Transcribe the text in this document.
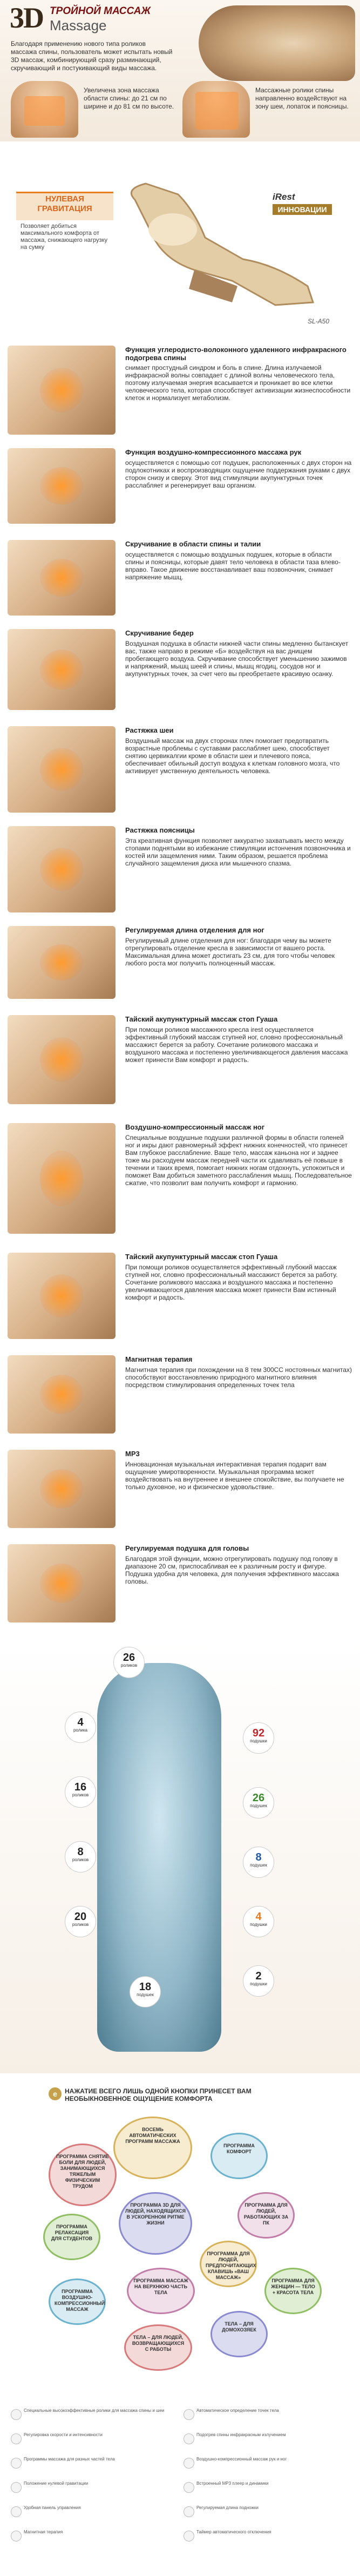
3D ТРОЙНОЙ МАССАЖ
Massage
Благодаря применению нового типа роликов массажа спины, пользователь может испытать новый 3D массаж, комбинирующий сразу разминающий, скручивающий и постукивающий виды массажа.
Увеличена зона массажа области спины: до 21 см по ширине и до 81 см по высоте.
Массажные ролики спины направленно воздействуют на зону шеи, лопаток и поясницы.
НУЛЕВАЯ ГРАВИТАЦИЯ
Позволяет добиться максимального комфорта от массажа, снижающего нагрузку на сумку
iRest
ИННОВАЦИИ
SL-A50
Функция углеродисто-волоконного удаленного инфракрасного подогрева спины
снимает простудный синдром и боль в спине. Длина излучаемой инфракрасной волны совпадает с длиной волны человеческого тела, поэтому излучаемая энергия всасывается и проникает во все клетки человеческого тела, которая способствует активизации жизнеспособности клеток и нормализует метаболизм.
Функция воздушно-компрессионного массажа рук
осуществляется с помощью сот подушек, расположенных с двух сторон на подлокотниках и воспроизводящих ощущение поддержания руками с двух сторон снизу и сверху. Этот вид стимуляции акупунктурных точек расслабляет и регенерирует ваш организм.
Скручивание в области спины и талии
осуществляется с помощью воздушных подушек, которые в области спины и поясницы, которые давят тело человека в области таза влево-вправо. Такое движение восстанавливает ваш позвоночник, снимает напряжение мышц.
Скручивание бедер
Воздушная подушка в области нижней части спины медленно бытанскует вас, также направо в режиме «Б» воздействуя на вас днищем пробегающего воздуха. Скручивание способствует уменьшению зажимов и напряжений, мышц шеей и спины, мышц ягодиц, сосудов ног и акупунктурных точек, за счет чего вы преобретаете красивую осанку.
Растяжка шеи
Воздушный массаж на двух сторонах плеч помогает предотвратить возрастные проблемы с суставами расслабляет шею, способствует снятию цервикалгии кроме в области шеи и плечевого пояса, обеспечивает обильный доступ воздуха к клеткам головного мозга, что активирует умственную деятельность человека.
Растяжка поясницы
Эта креативная функция позволяет аккуратно захватывать место между стопами поднятыми во избежание стимуляции истончения позвоночника и костей или защемления ними. Таким образом, решается проблема случайного защемления диска или мышечного спазма.
Регулируемая длина отделения для ног
Регулируемый длине отделения для ног: благодаря чему вы можете отрегулировать отделение кресла в зависимости от вашего роста. Максимальная длина может достигать 23 см, для того чтобы человек любого роста мог получить полноценный массаж.
Тайский акупунктурный массаж стоп Гуаша
При помощи роликов массажного кресла irest осуществляется эффективный глубокий массаж ступней ног, словно профессиональный массажист берется за работу. Сочетание роликового массажа и воздушного массажа и постепенно увеличивающегося давления массажа может принести Вам комфорт и радость.
Воздушно-компрессионный массаж ног
Специальные воздушные подушки различной формы в области голеней ног и икры дают равномерный эффект нижних конечностей, что принесет Вам глубокое расслабление. Ваше тело, массаж каньона ног и заднее тоже мы расходуем массаж передней части их сдавливать её повыше в течении и таких время, помогает нижних ногам отдохнуть, успокоиться и поможет Вам добиться заметного расслабления мышц. Последовательное сжатие, что позволит вам получить комфорт и гармонию.
Тайский акупунктурный массаж стоп Гуаша
При помощи роликов осуществляется эффективный глубокий массаж ступней ног, словно профессиональный массажист берется за работу. Сочетание роликового массажа и воздушного массажа и постепенно увеличивающегося давления массажа может принести Вам истинный комфорт и радость.
Магнитная терапия
Магнитная терапия при похождении на 8 тем 300CC ностоянных магнитах) способствуют восстановлению природного магнитного влияния посредством стимулирования определенных точек тела
MP3
Инновационная музыкальная интерактивная терапия подарит вам ощущение умиротворенности. Музыкальная программа может воздействовать на внутреннее и внешнее спокойствие, вы получаете не только духовное, но и физическое удовольствие.
Регулируемая подушка для головы
Благодаря этой функции, можно отрегулировать подушку под голову в диапазоне 20 см, приспосабливая ее к различным росту и фигуре. Подушка удобна для человека, для получения эффективного массажа головы.
26
роликов
4
ролика
16
роликов
8
роликов
20
роликов
18
подушек
92
подушки
26
подушек
8
подушек
4
подушки
2
подушки
e	НАЖАТИЕ ВСЕГО ЛИШЬ ОДНОЙ КНОПКИ ПРИНЕСЕТ ВАМ НЕОБЫКНОВЕННОЕ ОЩУЩЕНИЕ КОМФОРТА
ВОСЕМЬ АВТОМАТИЧЕСКИХ ПРОГРАММ МАССАЖА
ПРОГРАММА КОМФОРТ
ПРОГРАММА СНЯТИЕ БОЛИ ДЛЯ ЛЮДЕЙ, ЗАНИМАЮЩИХСЯ ТЯЖЕЛЫМ ФИЗИЧЕСКИМ ТРУДОМ
ПРОГРАММА ДЛЯ ЛЮДЕЙ, РАБОТАЮЩИХ ЗА ПК
ПРОГРАММА РЕЛАКСАЦИЯ ДЛЯ СТУДЕНТОВ
ПРОГРАММА 3D ДЛЯ ЛЮДЕЙ, НАХОДЯЩИХСЯ В УСКОРЕННОМ РИТМЕ ЖИЗНИ
ПРОГРАММА ДЛЯ ЛЮДЕЙ, ПРЕДПОЧИТАЮЩИХ КЛАВИШЬ «ВАШ МАССАЖ»
ПРОГРАММА ВОЗДУШНО-КОМПРЕССИОННЫЙ МАССАЖ
ПРОГРАММА МАССАЖ НА ВЕРХНЮЮ ЧАСТЬ ТЕЛА
ПРОГРАММА ДЛЯ ЖЕНЩИН — ТЕЛО + КРАСОТА ТЕЛА
ТЕЛА – ДЛЯ ЛЮДЕЙ, ВОЗВРАЩАЮЩИХСЯ С РАБОТЫ
ТЕЛА – ДЛЯ ДОМОХОЗЯЕК
Специальные высокоэффективные ролики для массажа спины и шеи	Автоматическое определение точек тела
Регулировка скорости и интенсивности	Подогрев спины инфракрасным излучением
Программы массажа для разных частей тела	Воздушно-компрессионный массаж рук и ног
Положение нулевой гравитации	Встроенный MP3 плеер и динамики
Удобная панель управления	Регулируемая длина подножки
Магнитная терапия	Таймер автоматического отключения
